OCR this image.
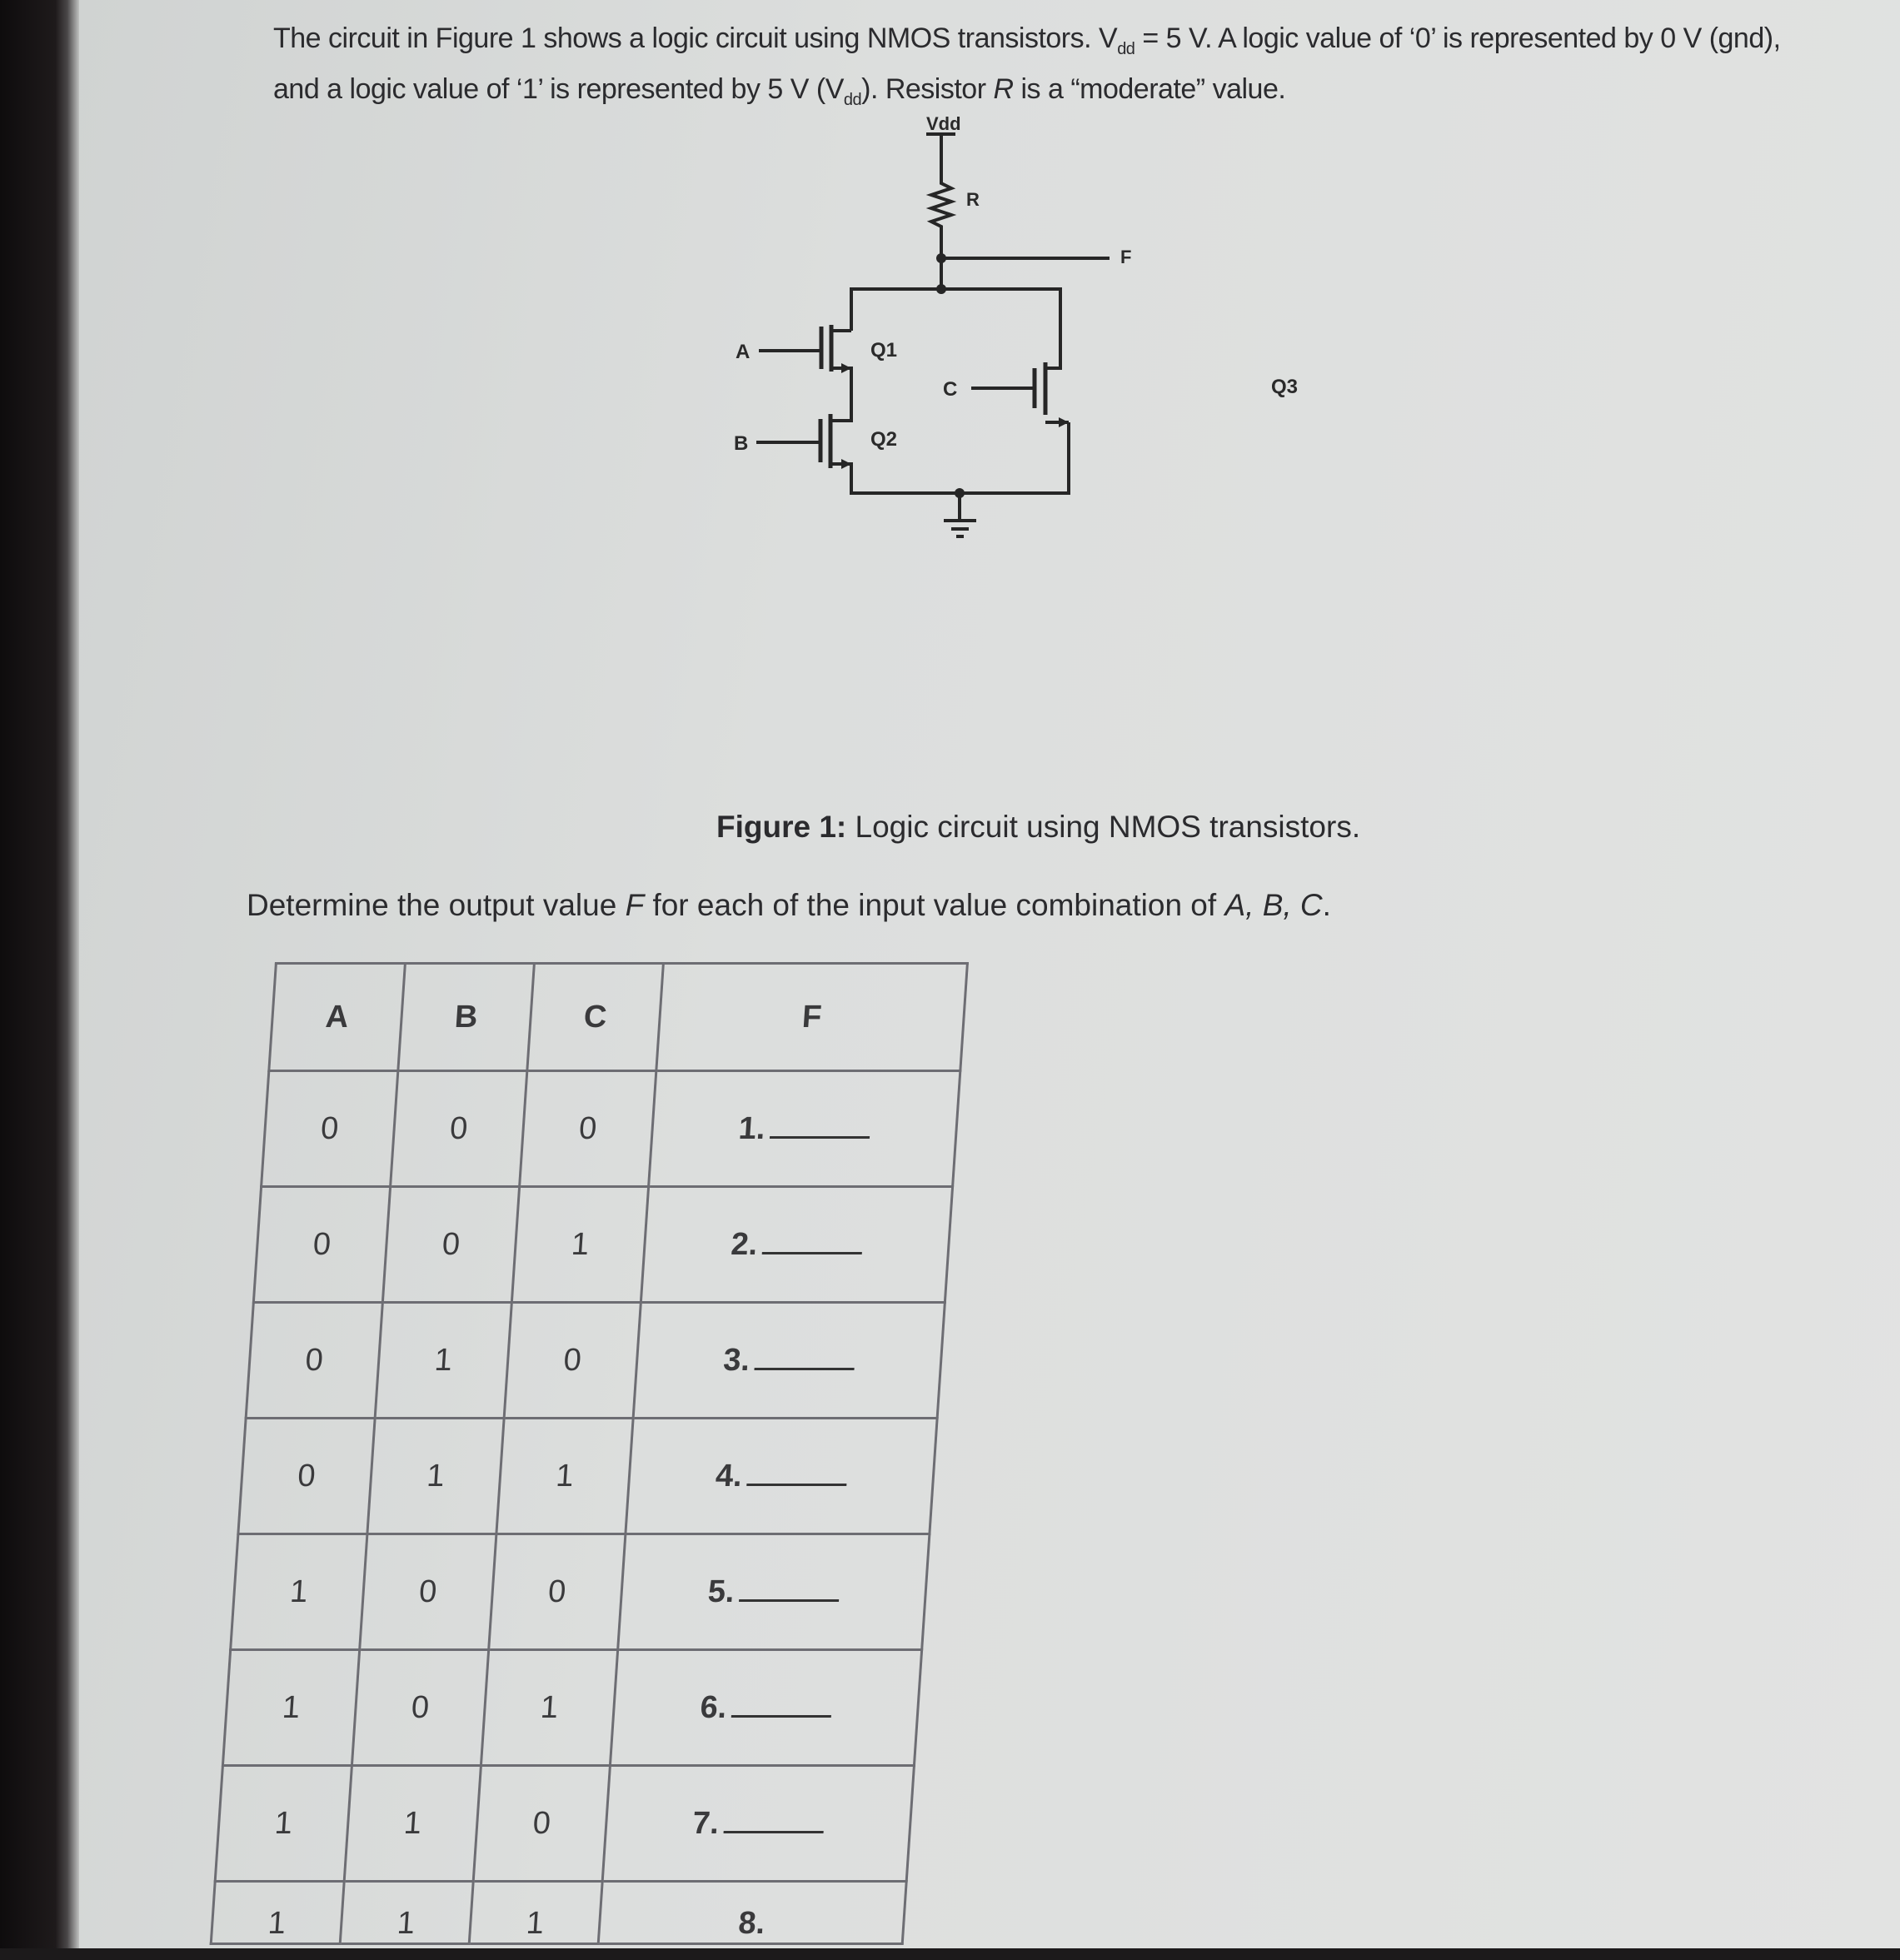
The circuit in Figure 1 shows a logic circuit using NMOS transistors. $V_{dd} = 5$ V. A logic value of ‘0’ is represented by 0 V (gnd), and a logic value of ‘1’ is represented by 5 V $(V_{dd})$. Resistor R is a “moderate” value.
Vdd
R
F
A	Q1
B	Q2
C	Q3
Figure 1: Logic circuit using NMOS transistors.
Determine the output value F for each of the input value combination of A, B, C.
A	B	C	F
0	0	0	1.
0	0	1	2.
0	1	0	3.
0	1	1	4.
1	0	0	5.
1	0	1	6.
1	1	0	7.
1	1	1	8.
